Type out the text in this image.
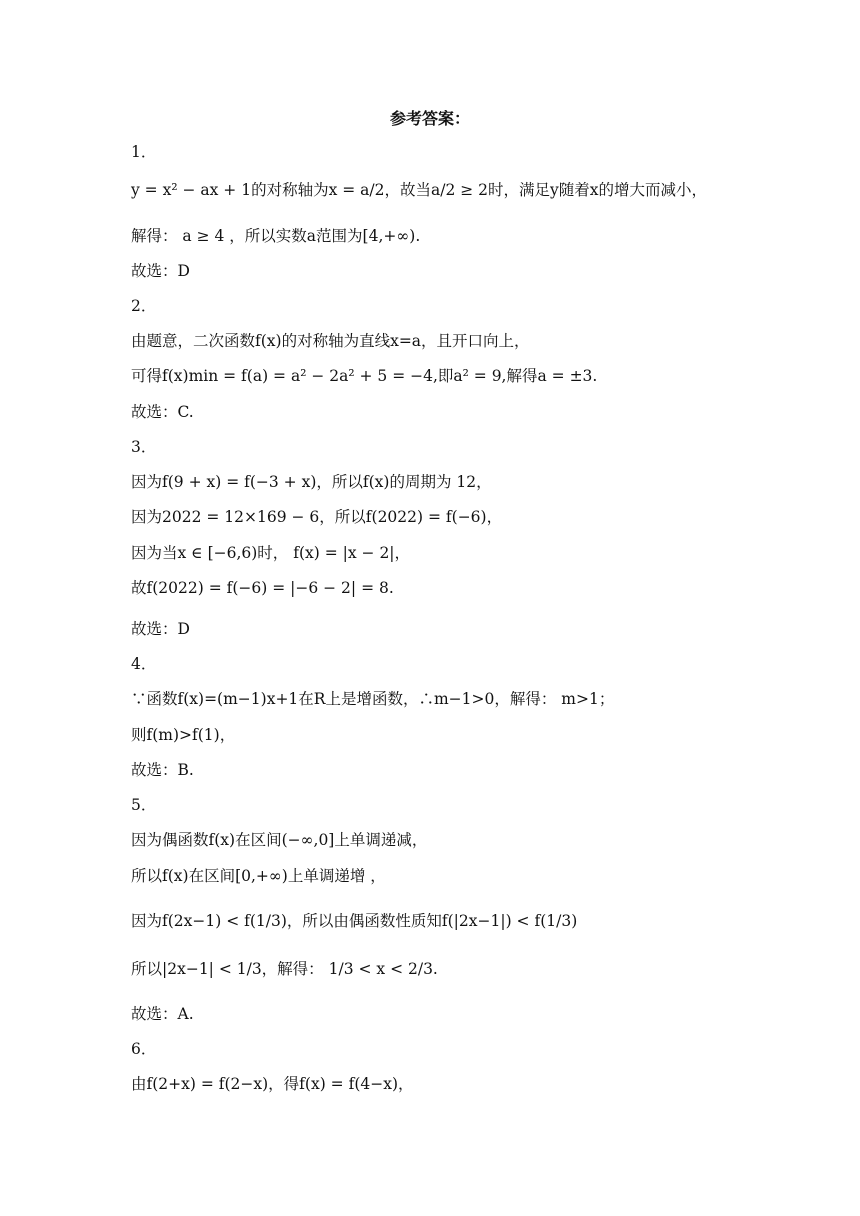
参考答案：
1．
y = x² − ax + 1的对称轴为x = a/2，故当a/2 ≥ 2时，满足y随着x的增大而减小，
解得： a ≥ 4 ，所以实数a范围为[4,+∞).
故选：D
2．
由题意，二次函数f(x)的对称轴为直线x=a，且开口向上，
可得f(x)min = f(a) = a² − 2a² + 5 = −4,即a² = 9,解得a = ±3.
故选：C.
3．
因为f(9 + x) = f(−3 + x)，所以f(x)的周期为 12，
因为2022 = 12×169 − 6，所以f(2022) = f(−6)，
因为当x ∈ [−6,6)时， f(x) = |x − 2|，
故f(2022) = f(−6) = |−6 − 2| = 8.
故选：D
4．
∵函数f(x)=(m−1)x+1在R上是增函数，∴m−1>0，解得： m>1；
则f(m)>f(1)，
故选：B.
5．
因为偶函数f(x)在区间(−∞,0]上单调递减，
所以f(x)在区间[0,+∞)上单调递增 ，
因为f(2x−1) < f(1/3)，所以由偶函数性质知f(|2x−1|) < f(1/3)
所以|2x−1| < 1/3，解得： 1/3 < x < 2/3.
故选：A.
6．
由f(2+x) = f(2−x)，得f(x) = f(4−x)，
